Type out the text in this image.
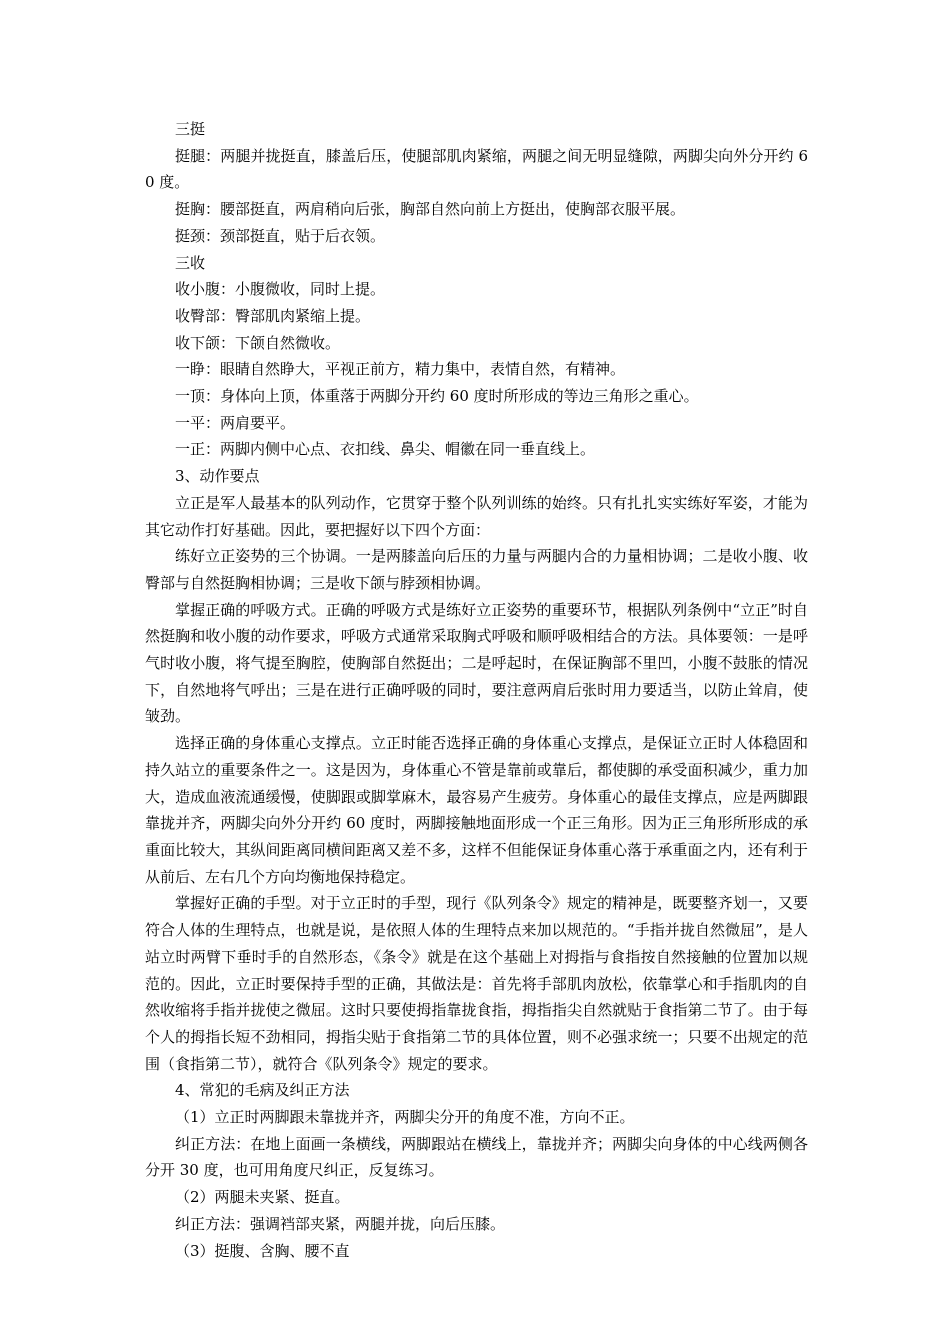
三挺

挺腿：两腿并拢挺直，膝盖后压，使腿部肌肉紧缩，两腿之间无明显缝隙，两脚尖向外分开约 60 度。

挺胸：腰部挺直，两肩稍向后张，胸部自然向前上方挺出，使胸部衣服平展。

挺颈：颈部挺直，贴于后衣领。

三收

收小腹：小腹微收，同时上提。

收臀部：臀部肌肉紧缩上提。

收下颌：下颌自然微收。

一睁：眼睛自然睁大，平视正前方，精力集中，表情自然，有精神。

一顶：身体向上顶，体重落于两脚分开约 60 度时所形成的等边三角形之重心。

一平：两肩要平。

一正：两脚内侧中心点、衣扣线、鼻尖、帽徽在同一垂直线上。

3、动作要点

立正是军人最基本的队列动作，它贯穿于整个队列训练的始终。只有扎扎实实练好军姿，才能为其它动作打好基础。因此，要把握好以下四个方面：

练好立正姿势的三个协调。一是两膝盖向后压的力量与两腿内合的力量相协调；二是收小腹、收臀部与自然挺胸相协调；三是收下颌与脖颈相协调。

掌握正确的呼吸方式。正确的呼吸方式是练好立正姿势的重要环节，根据队列条例中“立正”时自然挺胸和收小腹的动作要求，呼吸方式通常采取胸式呼吸和顺呼吸相结合的方法。具体要领：一是呼气时收小腹，将气提至胸腔，使胸部自然挺出；二是呼起时，在保证胸部不里凹，小腹不鼓胀的情况下，自然地将气呼出；三是在进行正确呼吸的同时，要注意两肩后张时用力要适当，以防止耸肩，使皱劲。

选择正确的身体重心支撑点。立正时能否选择正确的身体重心支撑点，是保证立正时人体稳固和持久站立的重要条件之一。这是因为，身体重心不管是靠前或靠后，都使脚的承受面积减少，重力加大，造成血液流通缓慢，使脚跟或脚掌麻木，最容易产生疲劳。身体重心的最佳支撑点，应是两脚跟靠拢并齐，两脚尖向外分开约 60 度时，两脚接触地面形成一个正三角形。因为正三角形所形成的承重面比较大，其纵间距离同横间距离又差不多，这样不但能保证身体重心落于承重面之内，还有利于从前后、左右几个方向均衡地保持稳定。

掌握好正确的手型。对于立正时的手型，现行《队列条令》规定的精神是，既要整齐划一，又要符合人体的生理特点，也就是说，是依照人体的生理特点来加以规范的。“手指并拢自然微屈”，是人站立时两臂下垂时手的自然形态，《条令》就是在这个基础上对拇指与食指按自然接触的位置加以规范的。因此，立正时要保持手型的正确，其做法是：首先将手部肌肉放松，依靠掌心和手指肌肉的自然收缩将手指并拢使之微屈。这时只要使拇指靠拢食指，拇指指尖自然就贴于食指第二节了。由于每个人的拇指长短不劲相同，拇指尖贴于食指第二节的具体位置，则不必强求统一；只要不出规定的范围（食指第二节），就符合《队列条令》规定的要求。

4、常犯的毛病及纠正方法

（1）立正时两脚跟未靠拢并齐，两脚尖分开的角度不准，方向不正。

纠正方法：在地上面画一条横线，两脚跟站在横线上，靠拢并齐；两脚尖向身体的中心线两侧各分开 30 度，也可用角度尺纠正，反复练习。

（2）两腿未夹紧、挺直。

纠正方法：强调裆部夹紧，两腿并拢，向后压膝。

（3）挺腹、含胸、腰不直
